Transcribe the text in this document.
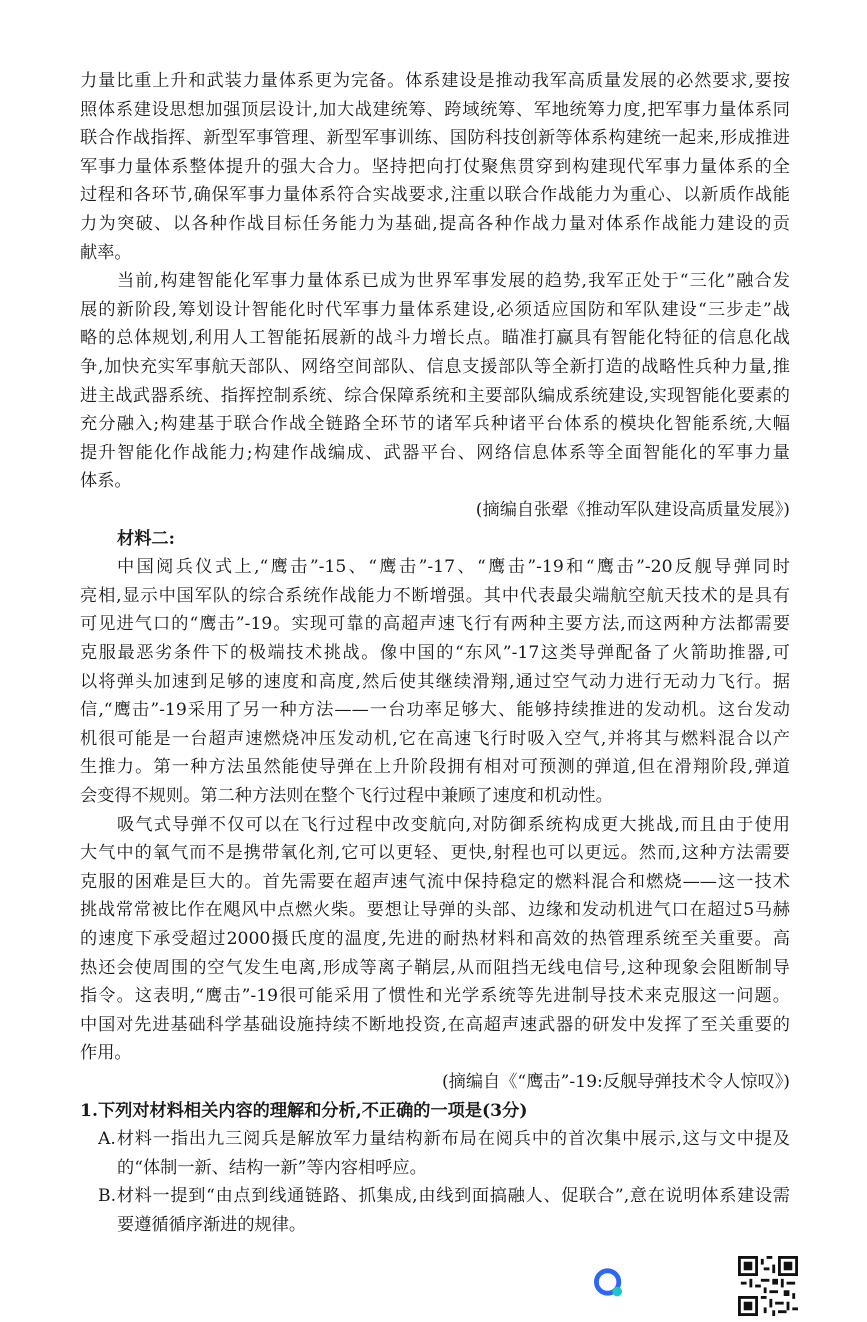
力量比重上升和武装力量体系更为完备。体系建设是推动我军高质量发展的必然要求,要按
照体系建设思想加强顶层设计,加大战建统筹、跨域统筹、军地统筹力度,把军事力量体系同
联合作战指挥、新型军事管理、新型军事训练、国防科技创新等体系构建统一起来,形成推进
军事力量体系整体提升的强大合力。坚持把向打仗聚焦贯穿到构建现代军事力量体系的全
过程和各环节,确保军事力量体系符合实战要求,注重以联合作战能力为重心、以新质作战能
力为突破、以各种作战目标任务能力为基础,提高各种作战力量对体系作战能力建设的贡
献率。
当前,构建智能化军事力量体系已成为世界军事发展的趋势,我军正处于“三化”融合发
展的新阶段,筹划设计智能化时代军事力量体系建设,必须适应国防和军队建设“三步走”战
略的总体规划,利用人工智能拓展新的战斗力增长点。瞄准打赢具有智能化特征的信息化战
争,加快充实军事航天部队、网络空间部队、信息支援部队等全新打造的战略性兵种力量,推
进主战武器系统、指挥控制系统、综合保障系统和主要部队编成系统建设,实现智能化要素的
充分融入;构建基于联合作战全链路全环节的诸军兵种诸平台体系的模块化智能系统,大幅
提升智能化作战能力;构建作战编成、武器平台、网络信息体系等全面智能化的军事力量
体系。
(摘编自张翚《推动军队建设高质量发展》)
材料二:
中国阅兵仪式上,“鹰击”-15、“鹰击”-17、“鹰击”-19和“鹰击”-20反舰导弹同时
亮相,显示中国军队的综合系统作战能力不断增强。其中代表最尖端航空航天技术的是具有
可见进气口的“鹰击”-19。实现可靠的高超声速飞行有两种主要方法,而这两种方法都需要
克服最恶劣条件下的极端技术挑战。像中国的“东风”-17这类导弹配备了火箭助推器,可
以将弹头加速到足够的速度和高度,然后使其继续滑翔,通过空气动力进行无动力飞行。据
信,“鹰击”-19采用了另一种方法——一台功率足够大、能够持续推进的发动机。这台发动
机很可能是一台超声速燃烧冲压发动机,它在高速飞行时吸入空气,并将其与燃料混合以产
生推力。第一种方法虽然能使导弹在上升阶段拥有相对可预测的弹道,但在滑翔阶段,弹道
会变得不规则。第二种方法则在整个飞行过程中兼顾了速度和机动性。
吸气式导弹不仅可以在飞行过程中改变航向,对防御系统构成更大挑战,而且由于使用
大气中的氧气而不是携带氧化剂,它可以更轻、更快,射程也可以更远。然而,这种方法需要
克服的困难是巨大的。首先需要在超声速气流中保持稳定的燃料混合和燃烧——这一技术
挑战常常被比作在飓风中点燃火柴。要想让导弹的头部、边缘和发动机进气口在超过5马赫
的速度下承受超过2000摄氏度的温度,先进的耐热材料和高效的热管理系统至关重要。高
热还会使周围的空气发生电离,形成等离子鞘层,从而阻挡无线电信号,这种现象会阻断制导
指令。这表明,“鹰击”-19很可能采用了惯性和光学系统等先进制导技术来克服这一问题。
中国对先进基础科学基础设施持续不断地投资,在高超声速武器的研发中发挥了至关重要的
作用。
(摘编自《“鹰击”-19:反舰导弹技术令人惊叹》)
1.下列对材料相关内容的理解和分析,不正确的一项是(3分)
A.材料一指出九三阅兵是解放军力量结构新布局在阅兵中的首次集中展示,这与文中提及
的“体制一新、结构一新”等内容相呼应。
B.材料一提到“由点到线通链路、抓集成,由线到面搞融人、促联合”,意在说明体系建设需
要遵循循序渐进的规律。
